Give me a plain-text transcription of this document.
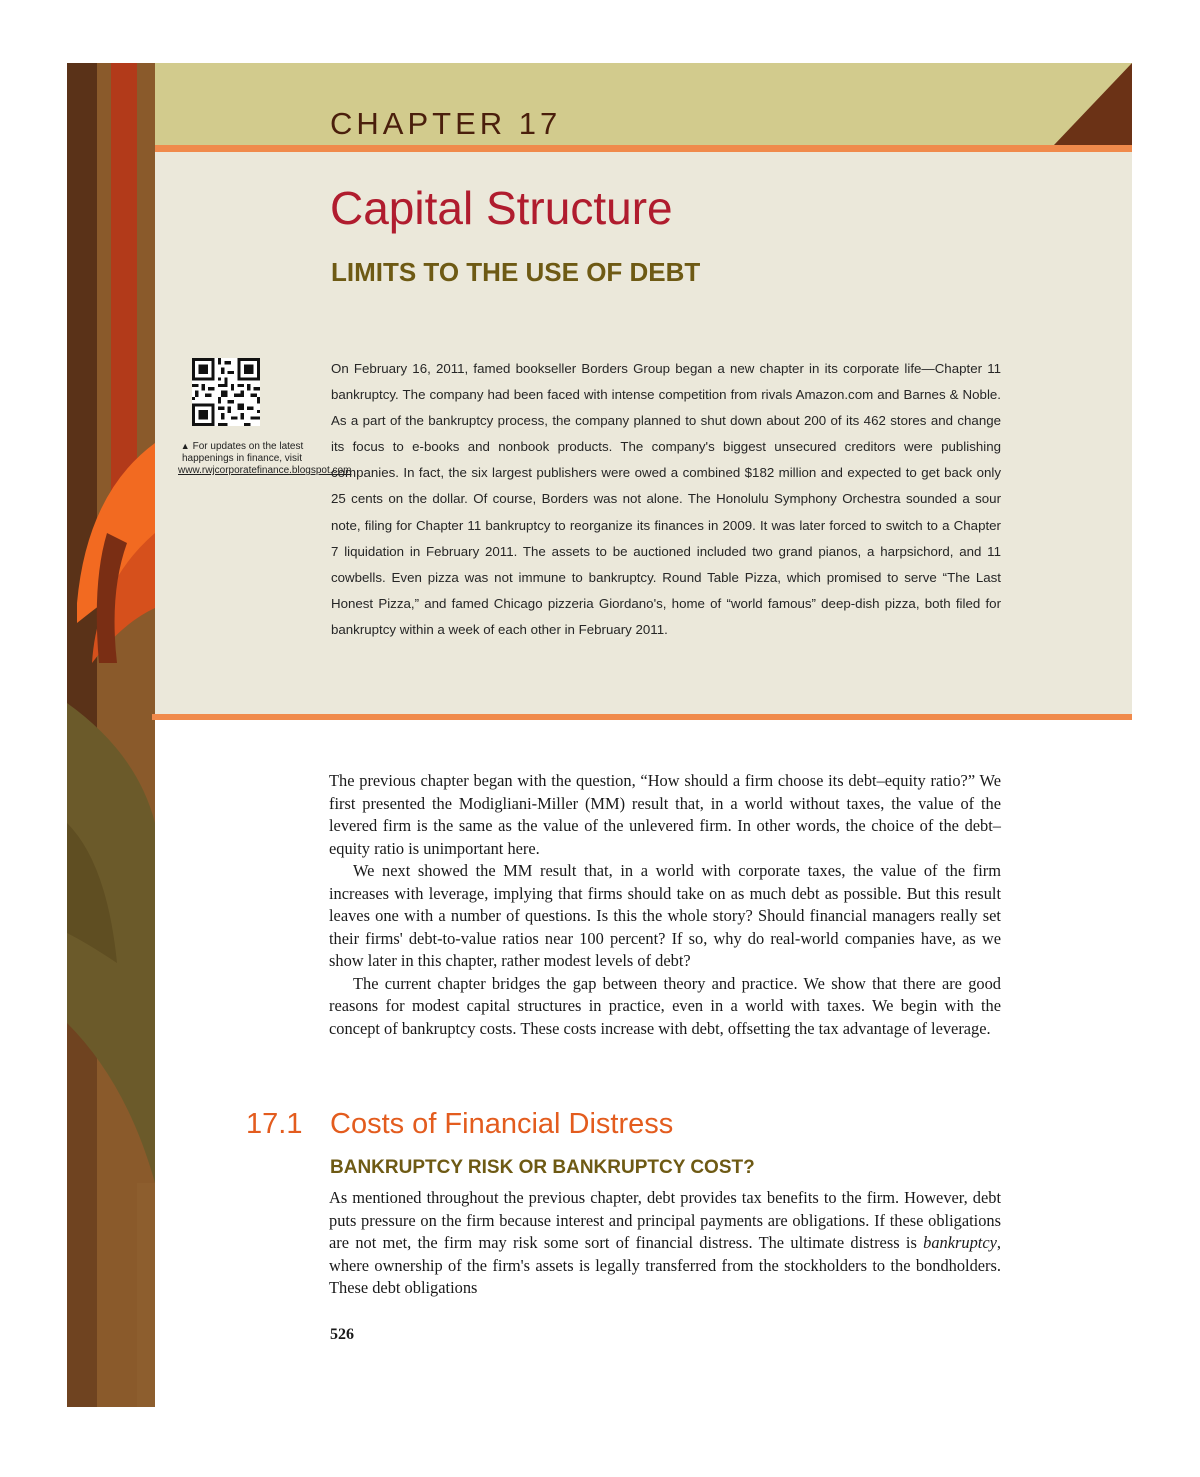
CHAPTER 17
Capital Structure
LIMITS TO THE USE OF DEBT
▲ For updates on the latest happenings in finance, visit www.rwjcorporatefinance.blogspot.com
On February 16, 2011, famed bookseller Borders Group began a new chapter in its corporate life—Chapter 11 bankruptcy. The company had been faced with intense competition from rivals Amazon.com and Barnes & Noble. As a part of the bankruptcy process, the company planned to shut down about 200 of its 462 stores and change its focus to e-books and nonbook products. The company's biggest unsecured creditors were publishing companies. In fact, the six largest publishers were owed a combined $182 million and expected to get back only 25 cents on the dollar. Of course, Borders was not alone. The Honolulu Symphony Orchestra sounded a sour note, filing for Chapter 11 bankruptcy to reorganize its finances in 2009. It was later forced to switch to a Chapter 7 liquidation in February 2011. The assets to be auctioned included two grand pianos, a harpsichord, and 11 cowbells. Even pizza was not immune to bankruptcy. Round Table Pizza, which promised to serve “The Last Honest Pizza,” and famed Chicago pizzeria Giordano's, home of “world famous” deep-dish pizza, both filed for bankruptcy within a week of each other in February 2011.

The previous chapter began with the question, “How should a firm choose its debt–equity ratio?” We first presented the Modigliani-Miller (MM) result that, in a world without taxes, the value of the levered firm is the same as the value of the unlevered firm. In other words, the choice of the debt–equity ratio is unimportant here.

We next showed the MM result that, in a world with corporate taxes, the value of the firm increases with leverage, implying that firms should take on as much debt as possible. But this result leaves one with a number of questions. Is this the whole story? Should financial managers really set their firms' debt-to-value ratios near 100 percent? If so, why do real-world companies have, as we show later in this chapter, rather modest levels of debt?

The current chapter bridges the gap between theory and practice. We show that there are good reasons for modest capital structures in practice, even in a world with taxes. We begin with the concept of bankruptcy costs. These costs increase with debt, offsetting the tax advantage of leverage.

17.1 Costs of Financial Distress
BANKRUPTCY RISK OR BANKRUPTCY COST?
As mentioned throughout the previous chapter, debt provides tax benefits to the firm. However, debt puts pressure on the firm because interest and principal payments are obligations. If these obligations are not met, the firm may risk some sort of financial distress. The ultimate distress is bankruptcy, where ownership of the firm's assets is legally transferred from the stockholders to the bondholders. These debt obligations
526
